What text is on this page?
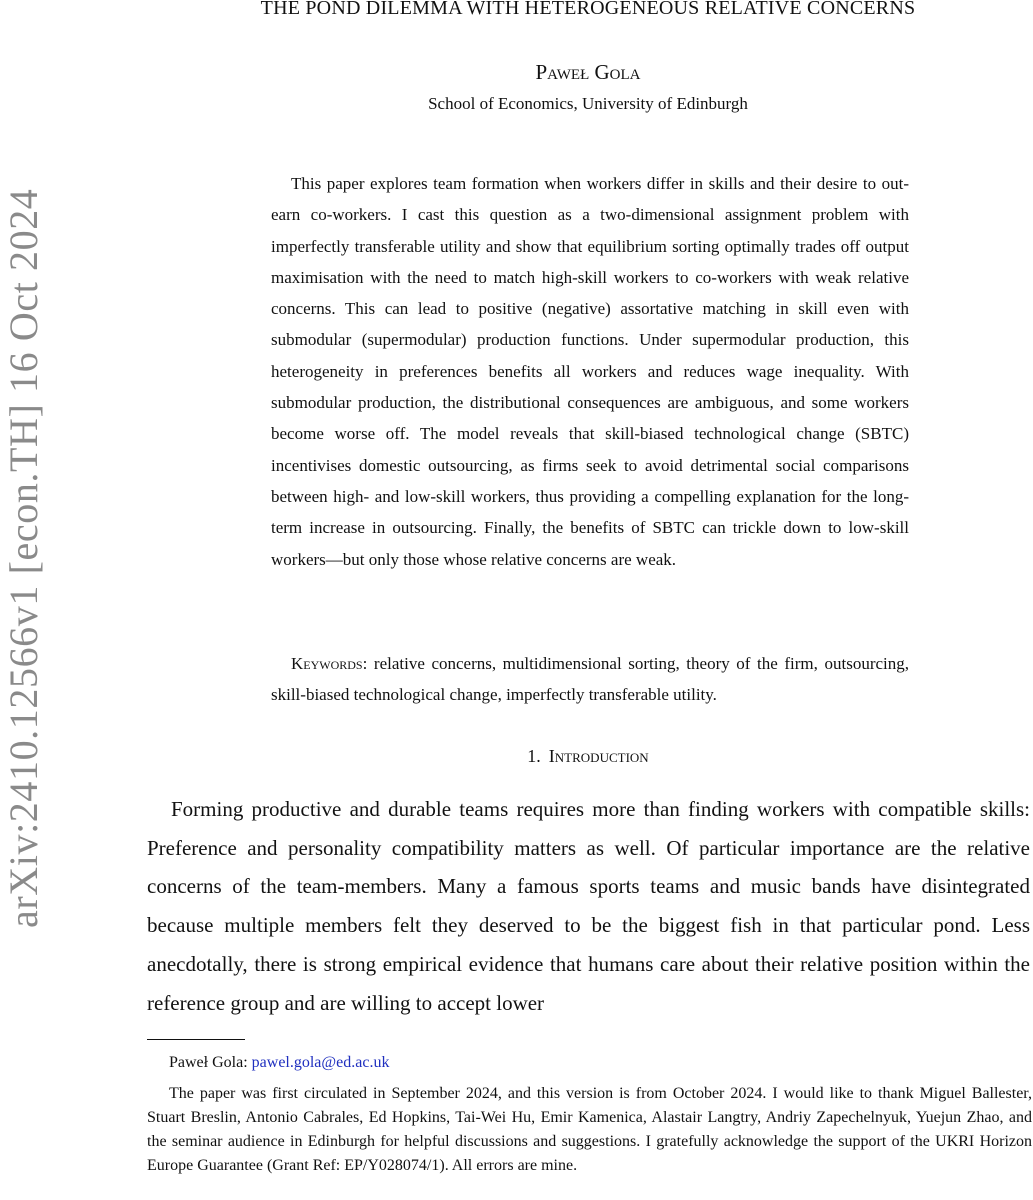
arXiv:2410.12566v1 [econ.TH] 16 Oct 2024
THE POND DILEMMA WITH HETEROGENEOUS RELATIVE CONCERNS
Paweł Gola
School of Economics, University of Edinburgh

This paper explores team formation when workers differ in skills and their desire to out-earn co-workers. I cast this question as a two-dimensional assignment problem with imperfectly transferable utility and show that equilibrium sorting optimally trades off output maximisation with the need to match high-skill workers to co-workers with weak relative concerns. This can lead to positive (negative) assortative matching in skill even with submodular (supermodular) production functions. Under supermodular production, this heterogeneity in preferences benefits all workers and reduces wage inequality. With submodular production, the distributional consequences are ambiguous, and some workers become worse off. The model reveals that skill-biased technological change (SBTC) incentivises domestic outsourcing, as firms seek to avoid detrimental social comparisons between high- and low-skill workers, thus providing a compelling explanation for the long-term increase in outsourcing. Finally, the benefits of SBTC can trickle down to low-skill workers—but only those whose relative concerns are weak.

Keywords: relative concerns, multidimensional sorting, theory of the firm, outsourcing, skill-biased technological change, imperfectly transferable utility.

1. Introduction

Forming productive and durable teams requires more than finding workers with compatible skills: Preference and personality compatibility matters as well. Of particular importance are the relative concerns of the team-members. Many a famous sports teams and music bands have disintegrated because multiple members felt they deserved to be the biggest fish in that particular pond. Less anecdotally, there is strong empirical evidence that humans care about their relative position within the reference group and are willing to accept lower

Paweł Gola: pawel.gola@ed.ac.uk

The paper was first circulated in September 2024, and this version is from October 2024. I would like to thank Miguel Ballester, Stuart Breslin, Antonio Cabrales, Ed Hopkins, Tai-Wei Hu, Emir Kamenica, Alastair Langtry, Andriy Zapechelnyuk, Yuejun Zhao, and the seminar audience in Edinburgh for helpful discussions and suggestions. I gratefully acknowledge the support of the UKRI Horizon Europe Guarantee (Grant Ref: EP/Y028074/1). All errors are mine.
